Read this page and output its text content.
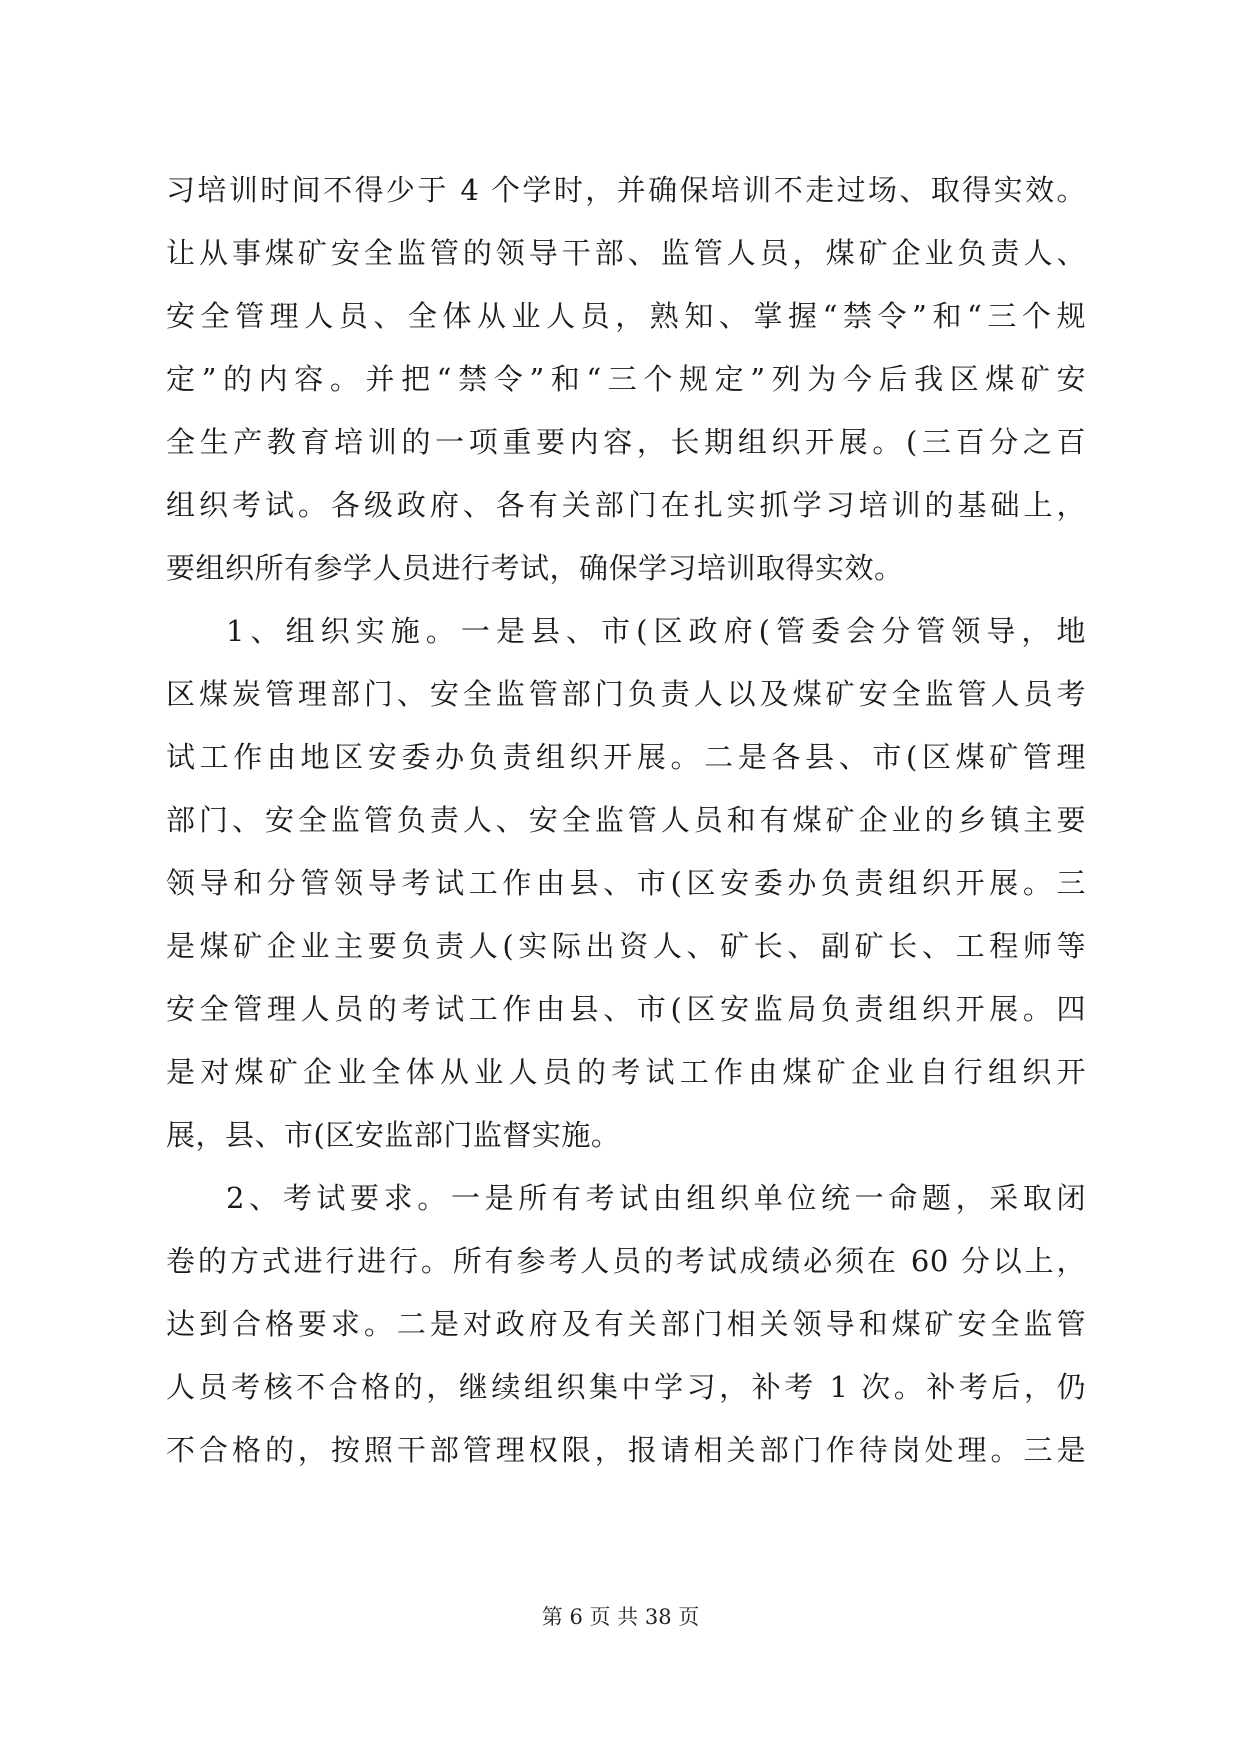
习培训时间不得少于 4 个学时，并确保培训不走过场、取得实效。
让从事煤矿安全监管的领导干部、监管人员，煤矿企业负责人、
安全管理人员、全体从业人员，熟知、掌握“禁令”和“三个规
定”的内容。并把“禁令”和“三个规定”列为今后我区煤矿安
全生产教育培训的一项重要内容，长期组织开展。(三百分之百
组织考试。各级政府、各有关部门在扎实抓学习培训的基础上，
要组织所有参学人员进行考试，确保学习培训取得实效。
1、组织实施。一是县、市(区政府(管委会分管领导，地
区煤炭管理部门、安全监管部门负责人以及煤矿安全监管人员考
试工作由地区安委办负责组织开展。二是各县、市(区煤矿管理
部门、安全监管负责人、安全监管人员和有煤矿企业的乡镇主要
领导和分管领导考试工作由县、市(区安委办负责组织开展。三
是煤矿企业主要负责人(实际出资人、矿长、副矿长、工程师等
安全管理人员的考试工作由县、市(区安监局负责组织开展。四
是对煤矿企业全体从业人员的考试工作由煤矿企业自行组织开
展，县、市(区安监部门监督实施。
2、考试要求。一是所有考试由组织单位统一命题，采取闭
卷的方式进行进行。所有参考人员的考试成绩必须在 60 分以上，
达到合格要求。二是对政府及有关部门相关领导和煤矿安全监管
人员考核不合格的，继续组织集中学习，补考 1 次。补考后，仍
不合格的，按照干部管理权限，报请相关部门作待岗处理。三是
第 6 页 共 38 页
